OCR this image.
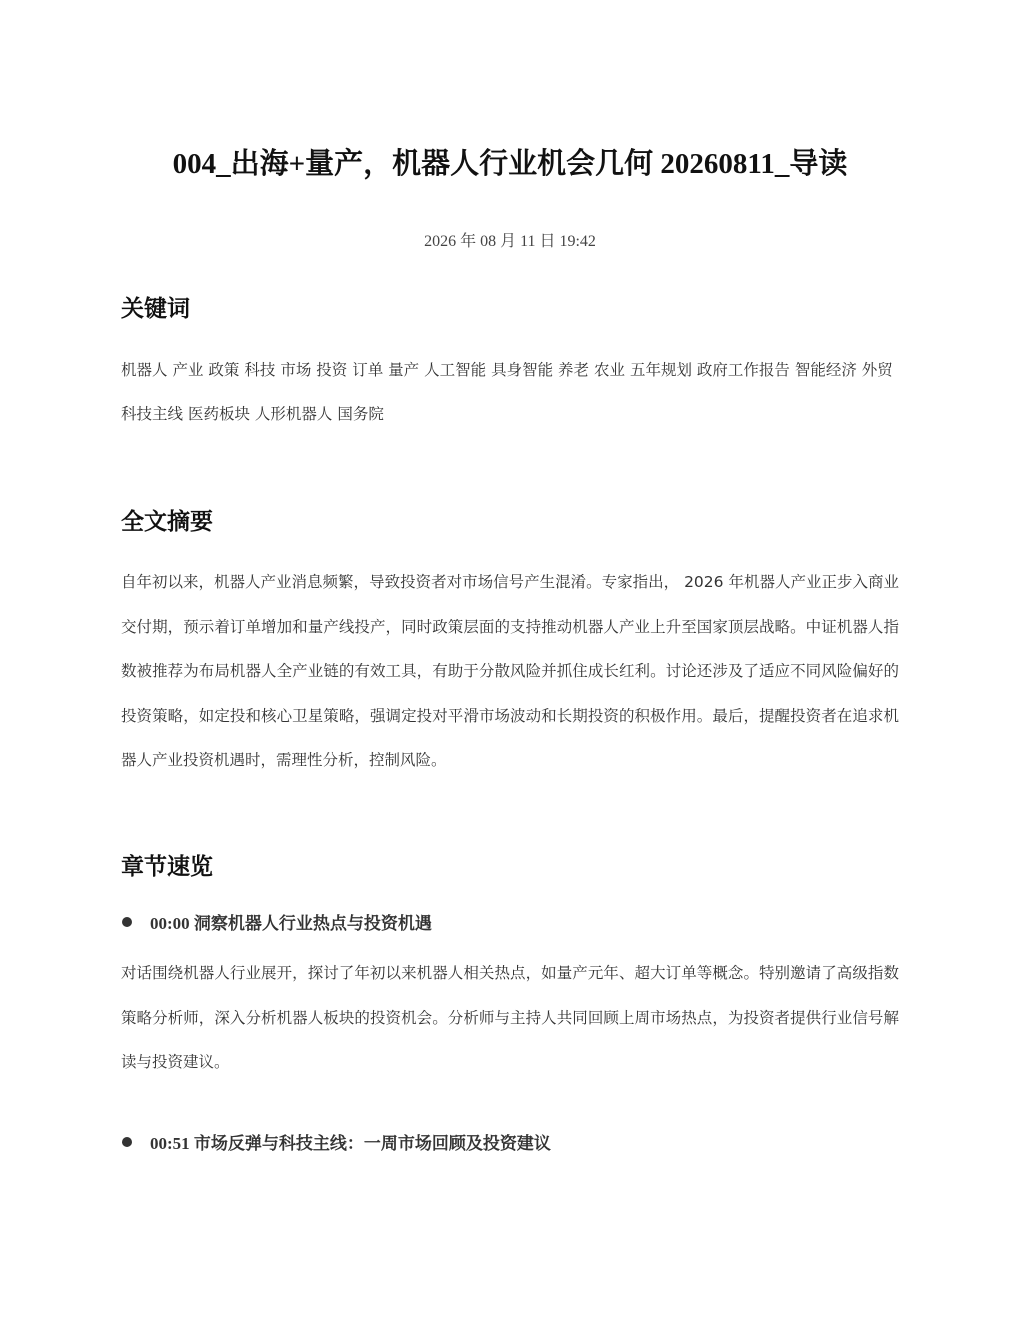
004_出海+量产，机器人行业机会几何 20260811_导读
2026 年 08 月 11 日 19:42
关键词
机器人 产业 政策 科技 市场 投资 订单 量产 人工智能 具身智能 养老 农业 五年规划 政府工作报告 智能经济 外贸科技主线 医药板块 人形机器人 国务院
全文摘要

自年初以来，机器人产业消息频繁，导致投资者对市场信号产生混淆。专家指出， 2026 年机器人产业正步入商业交付期，预示着订单增加和量产线投产，同时政策层面的支持推动机器人产业上升至国家顶层战略。中证机器人指数被推荐为布局机器人全产业链的有效工具，有助于分散风险并抓住成长红利。讨论还涉及了适应不同风险偏好的投资策略，如定投和核心卫星策略，强调定投对平滑市场波动和长期投资的积极作用。最后，提醒投资者在追求机器人产业投资机遇时，需理性分析，控制风险。

章节速览
00:00 洞察机器人行业热点与投资机遇

对话围绕机器人行业展开，探讨了年初以来机器人相关热点，如量产元年、超大订单等概念。特别邀请了高级指数策略分析师，深入分析机器人板块的投资机会。分析师与主持人共同回顾上周市场热点，为投资者提供行业信号解读与投资建议。

00:51 市场反弹与科技主线：一周市场回顾及投资建议
